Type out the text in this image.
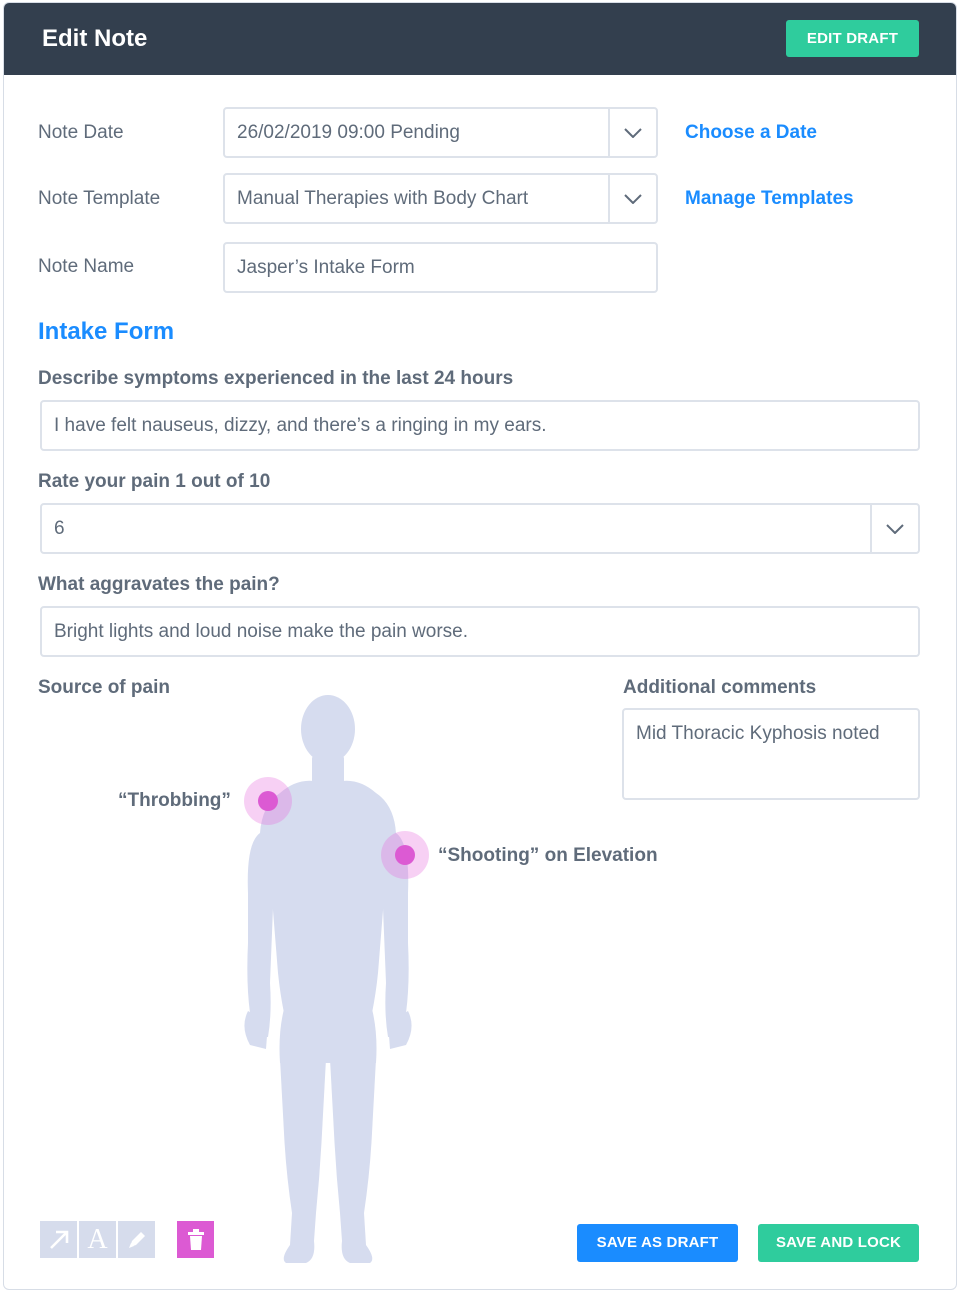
Edit Note	EDIT DRAFT
Note Date	26/02/2019 09:00 Pending	Choose a Date
Note Template	Manual Therapies with Body Chart	Manage Templates
Note Name	Jasper’s Intake Form
Intake Form
Describe symptoms experienced in the last 24 hours
I have felt nauseus, dizzy, and there’s a ringing in my ears.
Rate your pain 1 out of 10
6
What aggravates the pain?
Bright lights and loud noise make the pain worse.
Source of pain	Additional comments
Mid Thoracic Kyphosis noted
“Throbbing”
“Shooting” on Elevation
A	SAVE AS DRAFT	SAVE AND LOCK
